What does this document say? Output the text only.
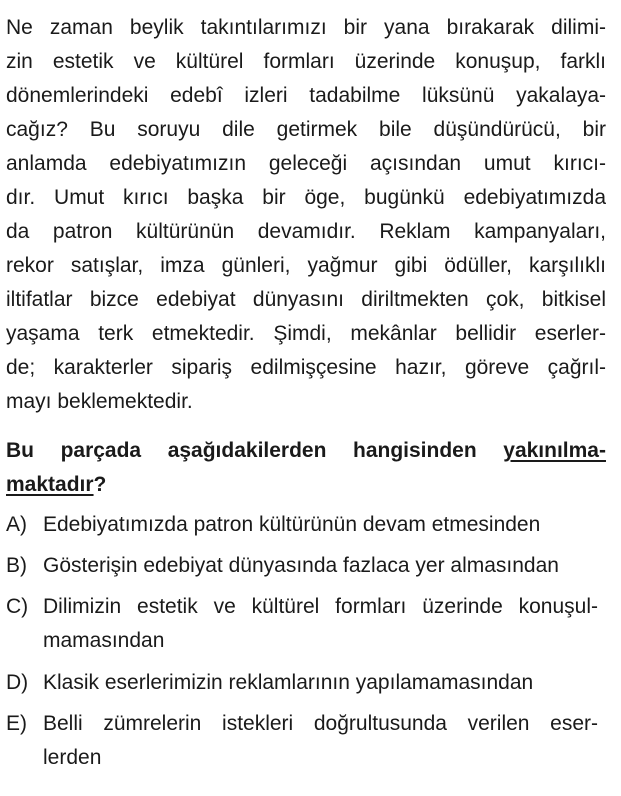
Ne zaman beylik takıntılarımızı bir yana bırakarak dilimi-
zin estetik ve kültürel formları üzerinde konuşup, farklı
dönemlerindeki edebî izleri tadabilme lüksünü yakalaya-
cağız? Bu soruyu dile getirmek bile düşündürücü, bir
anlamda edebiyatımızın geleceği açısından umut kırıcı-
dır. Umut kırıcı başka bir öge, bugünkü edebiyatımızda
da patron kültürünün devamıdır. Reklam kampanyaları,
rekor satışlar, imza günleri, yağmur gibi ödüller, karşılıklı
iltifatlar bizce edebiyat dünyasını diriltmekten çok, bitkisel
yaşama terk etmektedir. Şimdi, mekânlar bellidir eserler-
de; karakterler sipariş edilmişçesine hazır, göreve çağrıl-
mayı beklemektedir.
Bu parçada aşağıdakilerden hangisinden yakınılma-
maktadır?
A) Edebiyatımızda patron kültürünün devam etmesinden
B) Gösterişin edebiyat dünyasında fazlaca yer almasından
C) Dilimizin estetik ve kültürel formları üzerinde konuşul-
mamasından
D) Klasik eserlerimizin reklamlarının yapılamamasından
E) Belli zümrelerin istekleri doğrultusunda verilen eser-
lerden
